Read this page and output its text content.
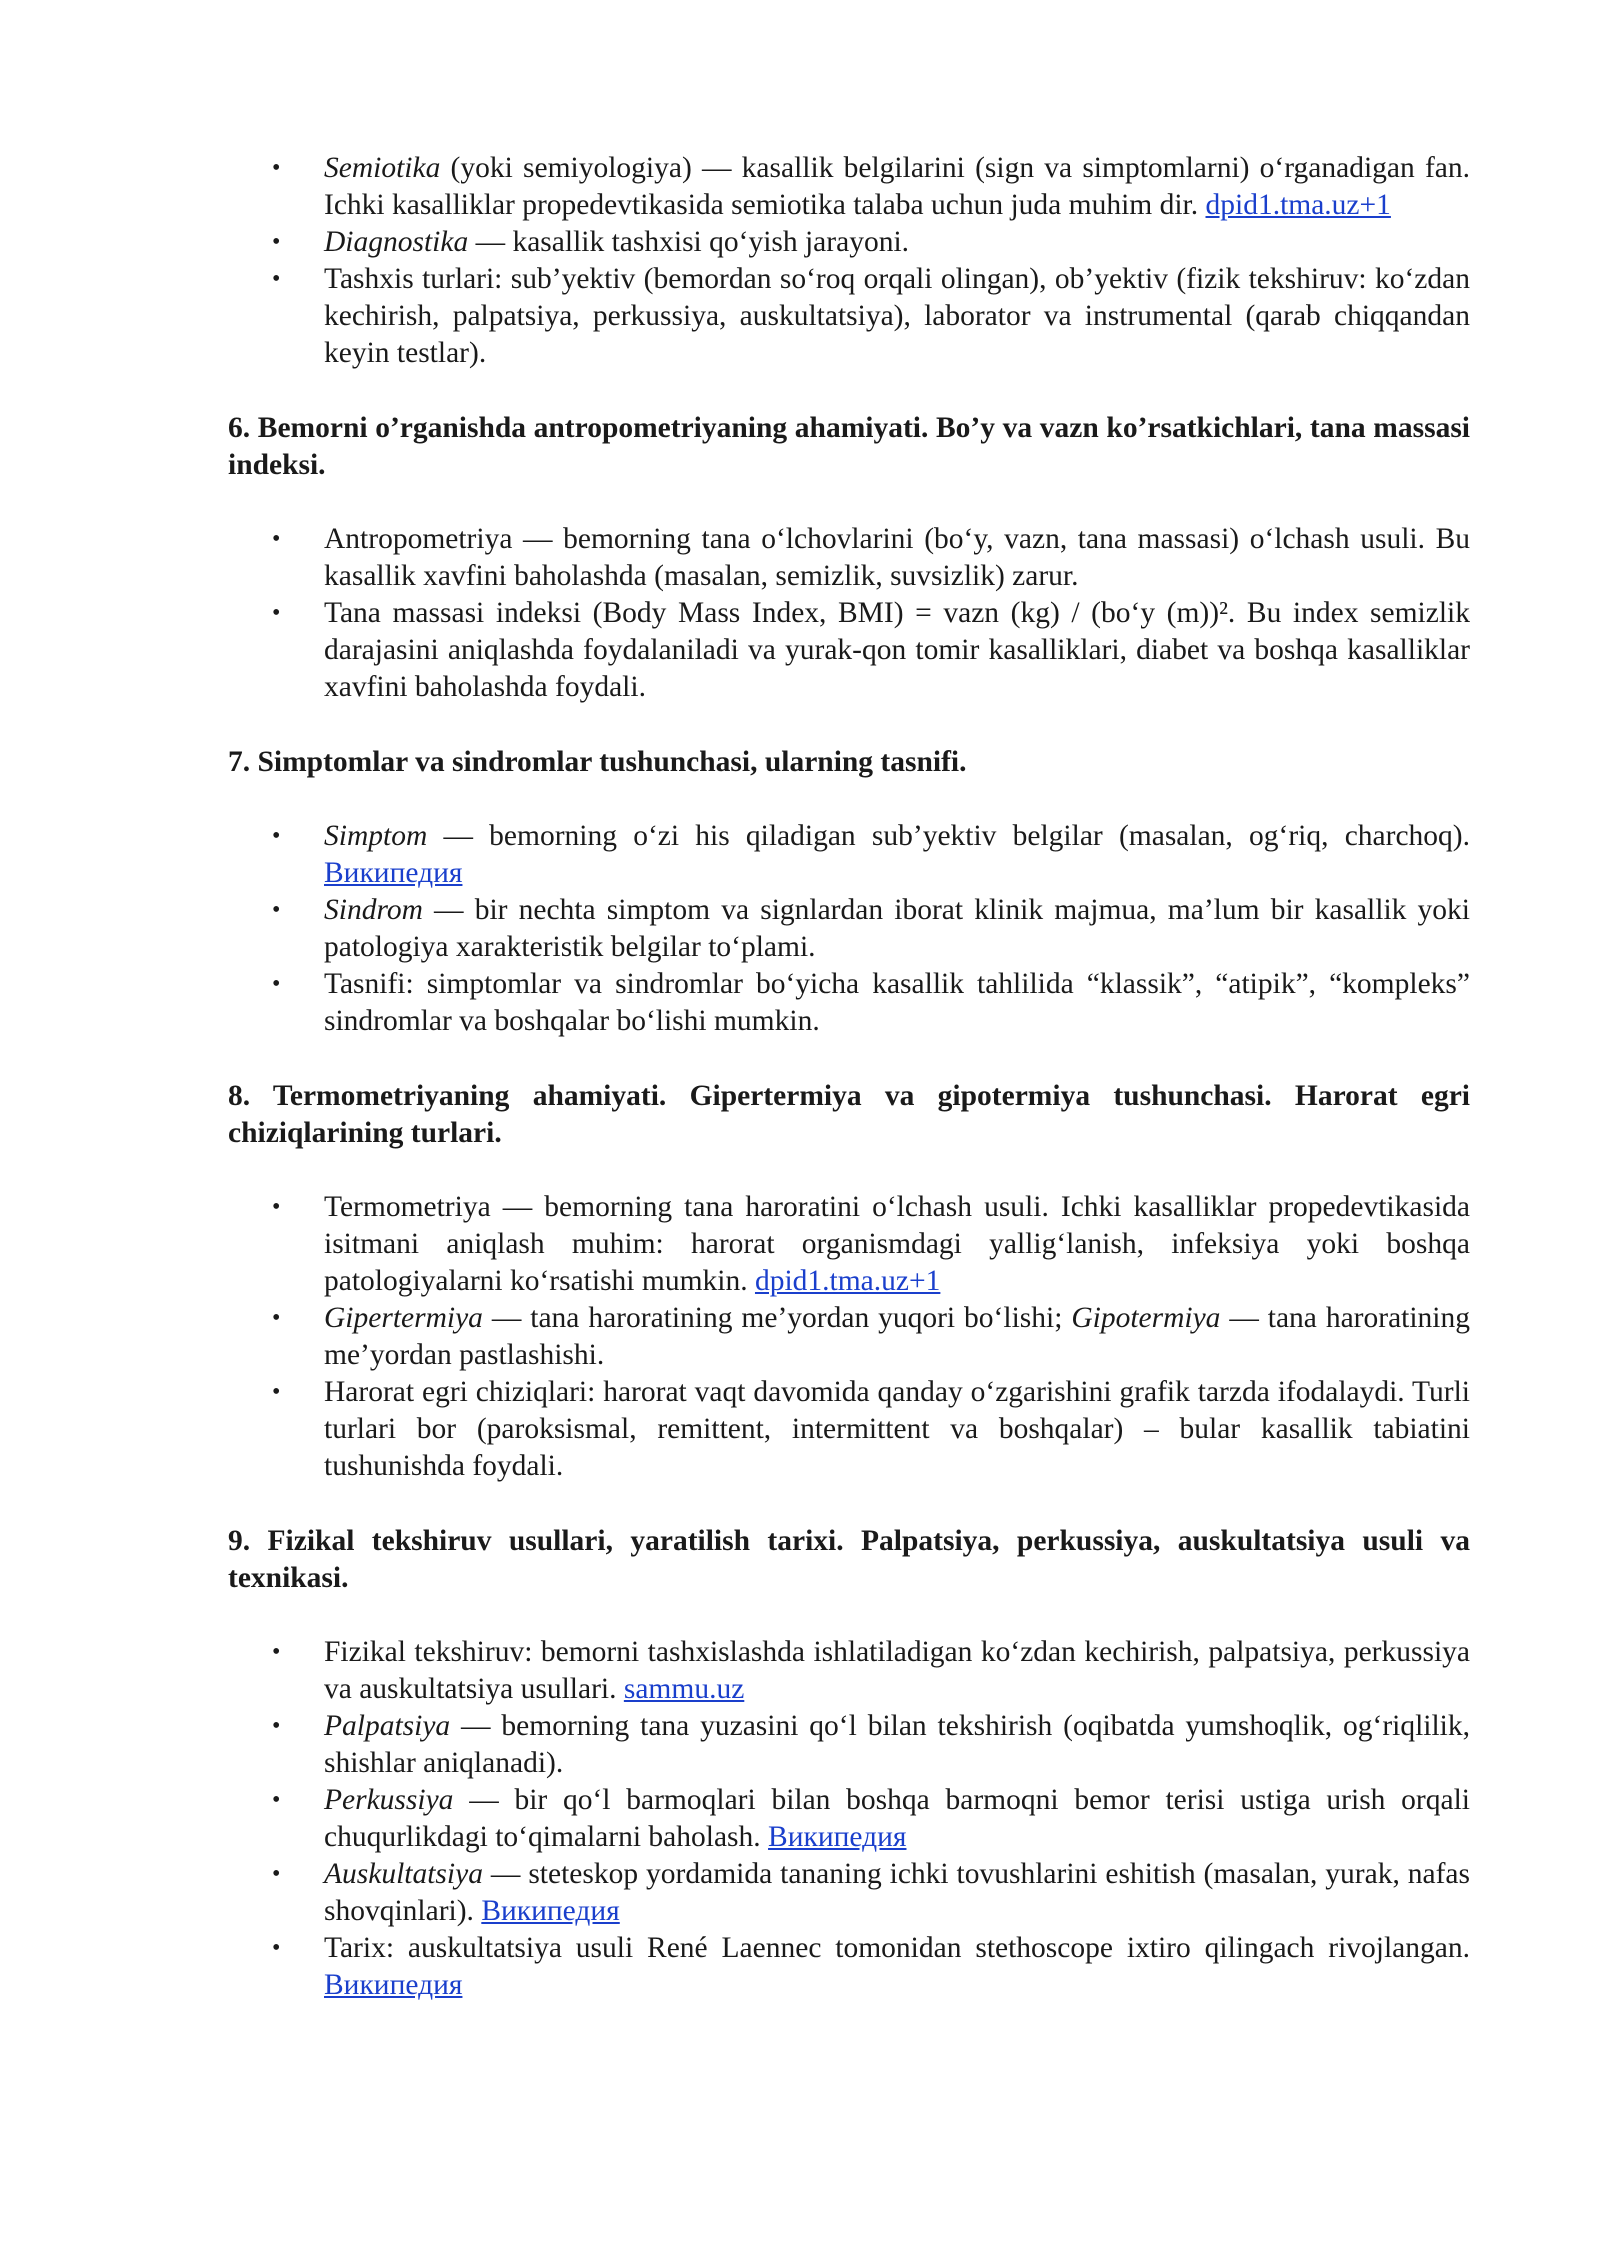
• Semiotika (yoki semiyologiya) — kasallik belgilarini (sign va simptomlarni) o‘rganadigan fan. Ichki kasalliklar propedevtikasida semiotika talaba uchun juda muhim dir. dpid1.tma.uz+1
• Diagnostika — kasallik tashxisi qo‘yish jarayoni.
• Tashxis turlari: sub’yektiv (bemordan so‘roq orqali olingan), ob’yektiv (fizik tekshiruv: ko‘zdan kechirish, palpatsiya, perkussiya, auskultatsiya), laborator va instrumental (qarab chiqqandan keyin testlar).
6. Bemorni o’rganishda antropometriyaning ahamiyati. Bo’y va vazn ko’rsatkichlari, tana massasi indeksi.
• Antropometriya — bemorning tana o‘lchovlarini (bo‘y, vazn, tana massasi) o‘lchash usuli. Bu kasallik xavfini baholashda (masalan, semizlik, suvsizlik) zarur.
• Tana massasi indeksi (Body Mass Index, BMI) = vazn (kg) / (bo‘y (m))². Bu index semizlik darajasini aniqlashda foydalaniladi va yurak-qon tomir kasalliklari, diabet va boshqa kasalliklar xavfini baholashda foydali.
7. Simptomlar va sindromlar tushunchasi, ularning tasnifi.
• Simptom — bemorning o‘zi his qiladigan sub’yektiv belgilar (masalan, og‘riq, charchoq). Википедия
• Sindrom — bir nechta simptom va signlardan iborat klinik majmua, ma’lum bir kasallik yoki patologiya xarakteristik belgilar to‘plami.
• Tasnifi: simptomlar va sindromlar bo‘yicha kasallik tahlilida “klassik”, “atipik”, “kompleks” sindromlar va boshqalar bo‘lishi mumkin.
8. Termometriyaning ahamiyati. Gipertermiya va gipotermiya tushunchasi. Harorat egri chiziqlarining turlari.
• Termometriya — bemorning tana haroratini o‘lchash usuli. Ichki kasalliklar propedevtikasida isitmani aniqlash muhim: harorat organismdagi yallig‘lanish, infeksiya yoki boshqa patologiyalarni ko‘rsatishi mumkin. dpid1.tma.uz+1
• Gipertermiya — tana haroratining me’yordan yuqori bo‘lishi; Gipotermiya — tana haroratining me’yordan pastlashishi.
• Harorat egri chiziqlari: harorat vaqt davomida qanday o‘zgarishini grafik tarzda ifodalaydi. Turli turlari bor (paroksismal, remittent, intermittent va boshqalar) – bular kasallik tabiatini tushunishda foydali.
9. Fizikal tekshiruv usullari, yaratilish tarixi. Palpatsiya, perkussiya, auskultatsiya usuli va texnikasi.
• Fizikal tekshiruv: bemorni tashxislashda ishlatiladigan ko‘zdan kechirish, palpatsiya, perkussiya va auskultatsiya usullari. sammu.uz
• Palpatsiya — bemorning tana yuzasini qo‘l bilan tekshirish (oqibatda yumshoqlik, og‘riqlilik, shishlar aniqlanadi).
• Perkussiya — bir qo‘l barmoqlari bilan boshqa barmoqni bemor terisi ustiga urish orqali chuqurlikdagi to‘qimalarni baholash. Википедия
• Auskultatsiya — steteskop yordamida tananing ichki tovushlarini eshitish (masalan, yurak, nafas shovqinlari). Википедия
• Tarix: auskultatsiya usuli René Laennec tomonidan stethoscope ixtiro qilingach rivojlangan. Википедия
